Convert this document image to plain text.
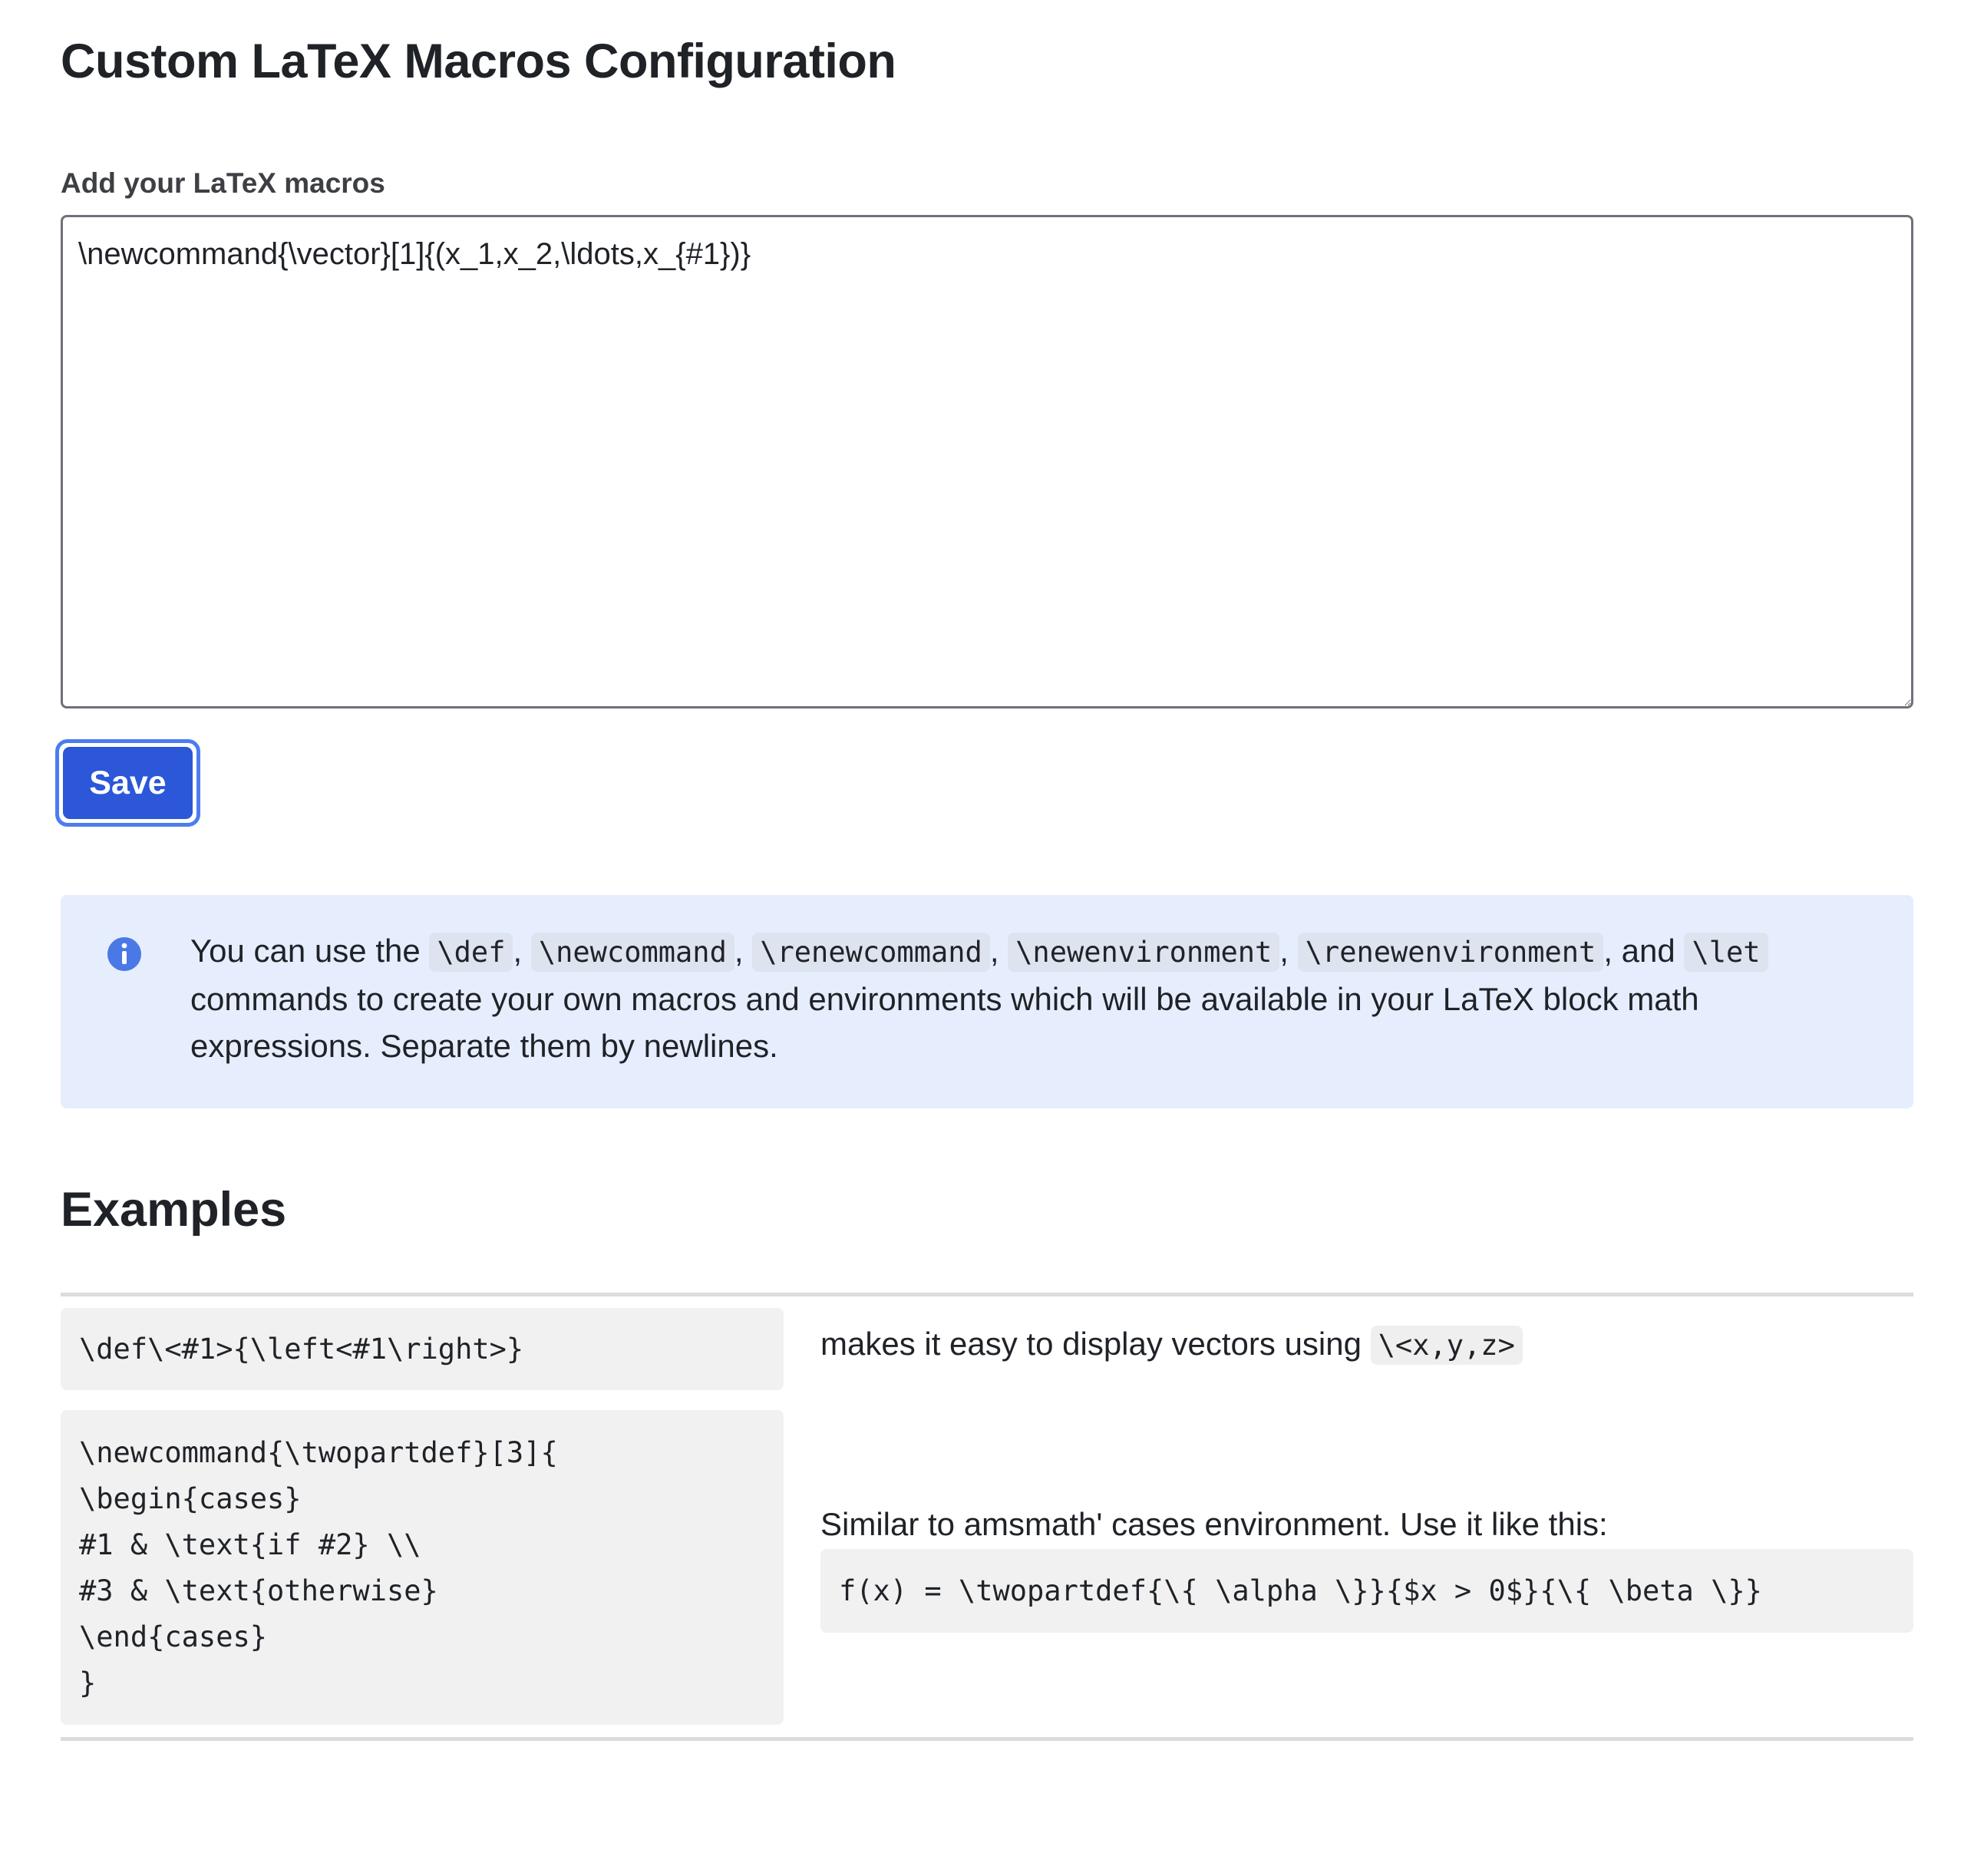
Custom LaTeX Macros Configuration
Add your LaTeX macros
\newcommand{\vector}[1]{(x_1,x_2,\ldots,x_{#1})}
Save
You can use the \def , \newcommand , \renewcommand , \newenvironment , \renewenvironment , and \let commands to create your own macros and environments which will be available in your LaTeX block math expressions. Separate them by newlines.
Examples
\def\<#1>{\left<#1\right>}	makes it easy to display vectors using \<x,y,z>
\newcommand{\twopartdef}[3]{
\begin{cases}
#1 & \text{if #2} \\
#3 & \text{otherwise}
\end{cases}
}
Similar to amsmath' cases environment. Use it like this:
f(x) = \twopartdef{\{ \alpha \}}{$x > 0$}{\{ \beta \}}
